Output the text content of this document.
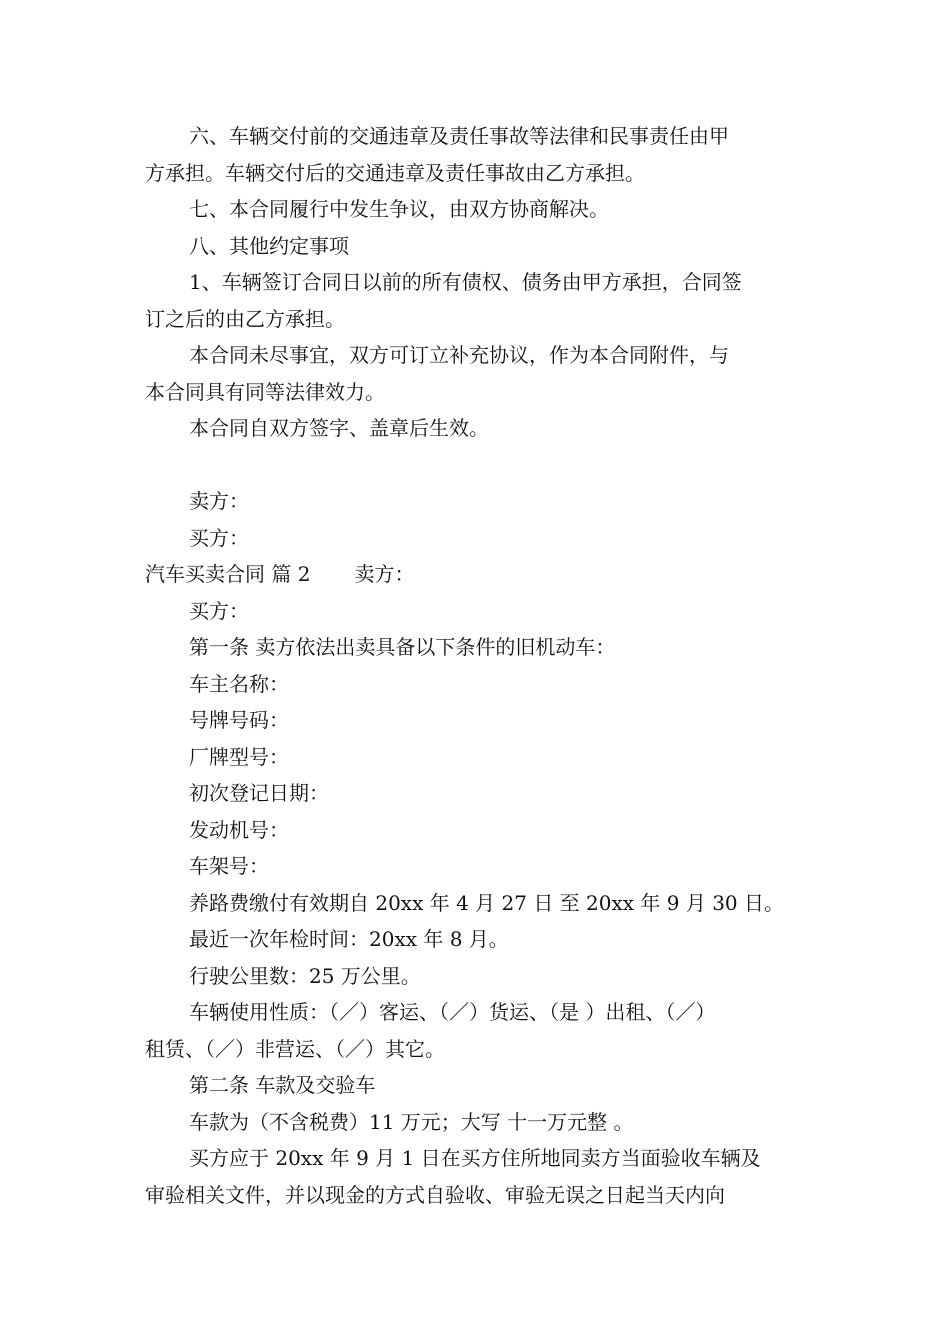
六、车辆交付前的交通违章及责任事故等法律和民事责任由甲

方承担。车辆交付后的交通违章及责任事故由乙方承担。

七、本合同履行中发生争议，由双方协商解决。

八、其他约定事项

1、车辆签订合同日以前的所有债权、债务由甲方承担，合同签

订之后的由乙方承担。

本合同未尽事宜，双方可订立补充协议，作为本合同附件，与

本合同具有同等法律效力。

本合同自双方签字、盖章后生效。

卖方：

买方：

汽车买卖合同 篇 2 卖方：

买方：

第一条 卖方依法出卖具备以下条件的旧机动车：

车主名称：

号牌号码：

厂牌型号：

初次登记日期：

发动机号：

车架号：

养路费缴付有效期自 20xx 年 4 月 27 日 至 20xx 年 9 月 30 日。

最近一次年检时间：20xx 年 8 月。

行驶公里数：25 万公里。

车辆使用性质：（／）客运、（／）货运、（是 ）出租、（／）

租赁、（／）非营运、（／）其它。

第二条 车款及交验车

车款为（不含税费）11 万元；大写 十一万元整 。

买方应于 20xx 年 9 月 1 日在买方住所地同卖方当面验收车辆及

审验相关文件，并以现金的方式自验收、审验无误之日起当天内向
